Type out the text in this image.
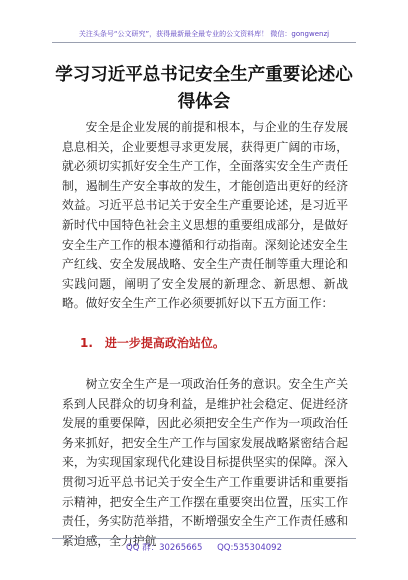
关注头条号“公文研究”，获得最新最全最专业的公文资料库！ 微信：gongwenzj
学习习近平总书记安全生产重要论述心得体会
安全是企业发展的前提和根本，与企业的生存发展息息相关，企业要想寻求更发展，获得更广阔的市场，就必须切实抓好安全生产工作，全面落实安全生产责任制，遏制生产安全事故的发生，才能创造出更好的经济效益。习近平总书记关于安全生产重要论述，是习近平新时代中国特色社会主义思想的重要组成部分，是做好安全生产工作的根本遵循和行动指南。深刻论述安全生产红线、安全发展战略、安全生产责任制等重大理论和实践问题，阐明了安全发展的新理念、新思想、新战略。做好安全生产工作必须要抓好以下五方面工作：
1. 进一步提高政治站位。
树立安全生产是一项政治任务的意识。安全生产关系到人民群众的切身利益，是维护社会稳定、促进经济发展的重要保障，因此必须把安全生产作为一项政治任务来抓好，把安全生产工作与国家发展战略紧密结合起来，为实现国家现代化建设目标提供坚实的保障。深入贯彻习近平总书记关于安全生产工作重要讲话和重要指示精神，把安全生产工作摆在重要突出位置，压实工作责任，务实防范举措，不断增强安全生产工作责任感和紧迫感，全力护航
QQ 群：30265665 QQ:535304092
